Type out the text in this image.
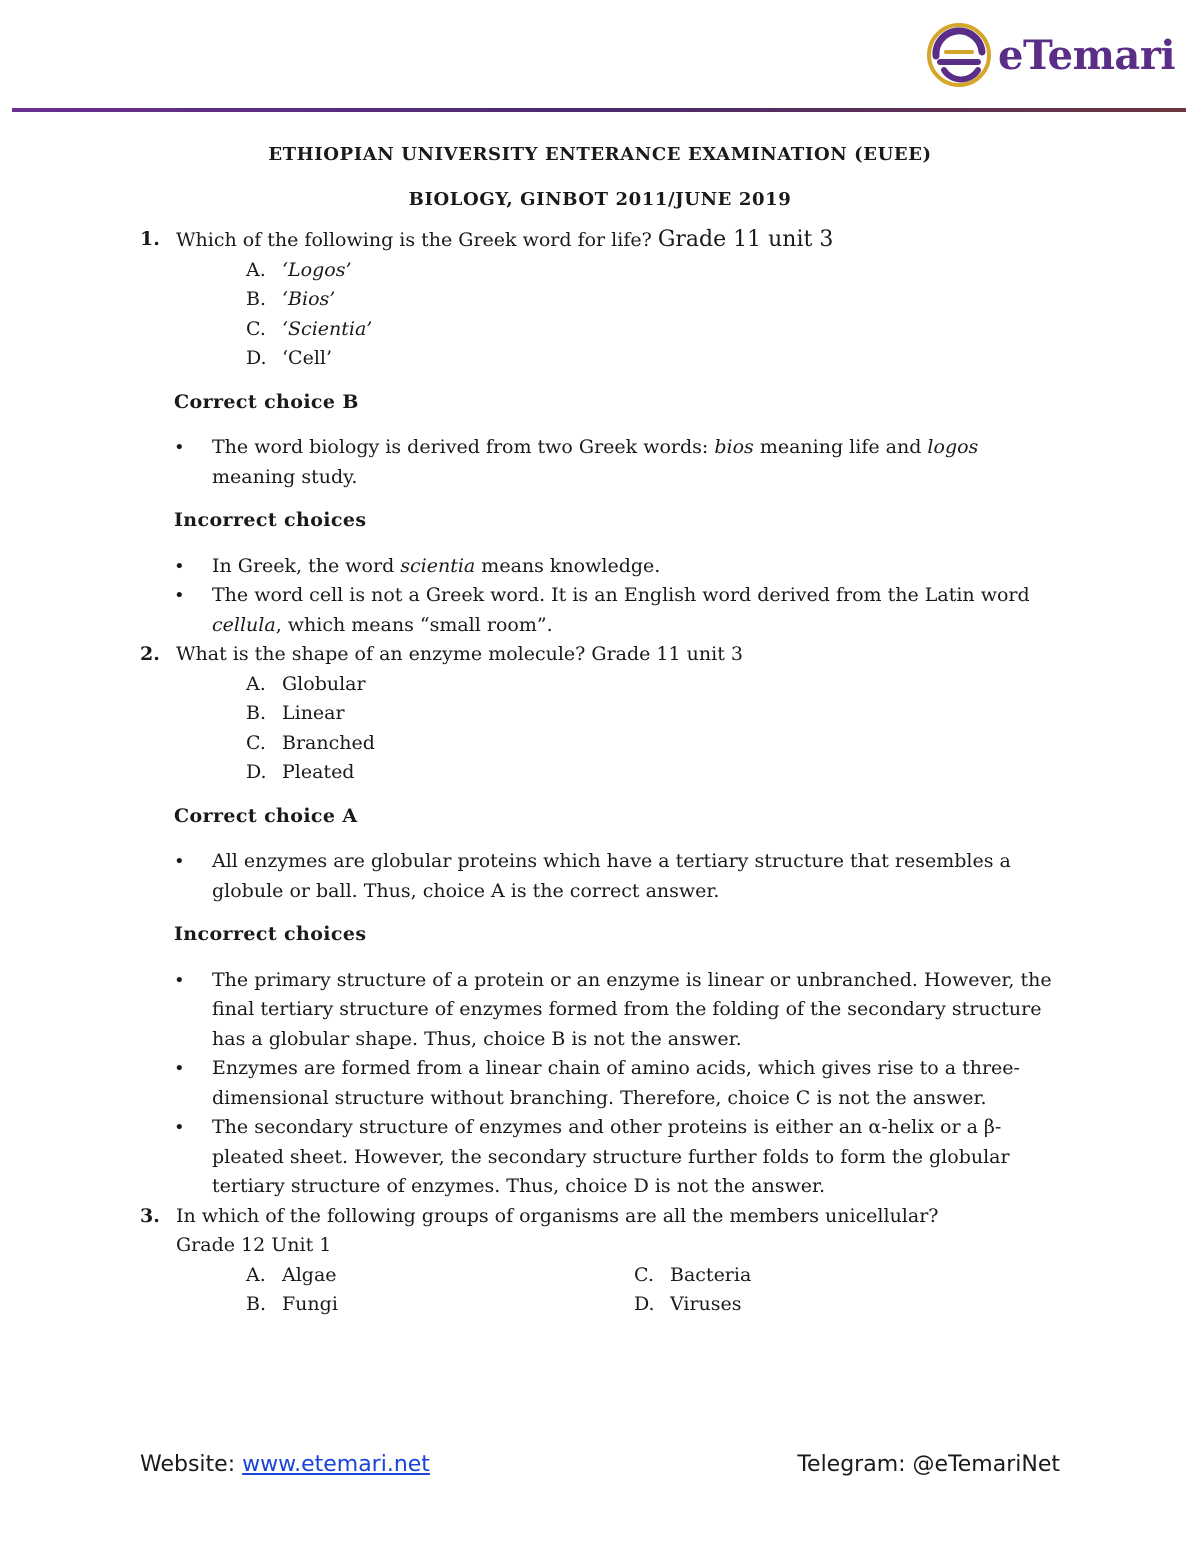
eTemari
ETHIOPIAN UNIVERSITY ENTERANCE EXAMINATION (EUEE)
BIOLOGY, GINBOT 2011/JUNE 2019
1. Which of the following is the Greek word for life? Grade 11 unit 3
A. ‘Logos’
B. ‘Bios’
C. ‘Scientia’
D. ‘Cell’
Correct choice B
• The word biology is derived from two Greek words: bios meaning life and logos meaning study.
Incorrect choices
• In Greek, the word scientia means knowledge.
• The word cell is not a Greek word. It is an English word derived from the Latin word cellula, which means “small room”.
2. What is the shape of an enzyme molecule? Grade 11 unit 3
A. Globular
B. Linear
C. Branched
D. Pleated
Correct choice A
• All enzymes are globular proteins which have a tertiary structure that resembles a globule or ball. Thus, choice A is the correct answer.
Incorrect choices
• The primary structure of a protein or an enzyme is linear or unbranched. However, the final tertiary structure of enzymes formed from the folding of the secondary structure has a globular shape. Thus, choice B is not the answer.
• Enzymes are formed from a linear chain of amino acids, which gives rise to a three-dimensional structure without branching. Therefore, choice C is not the answer.
• The secondary structure of enzymes and other proteins is either an α-helix or a β-pleated sheet. However, the secondary structure further folds to form the globular tertiary structure of enzymes. Thus, choice D is not the answer.
3. In which of the following groups of organisms are all the members unicellular?
Grade 12 Unit 1
A. Algae	C. Bacteria
B. Fungi	D. Viruses
Website: www.etemari.net	Telegram: @eTemariNet
